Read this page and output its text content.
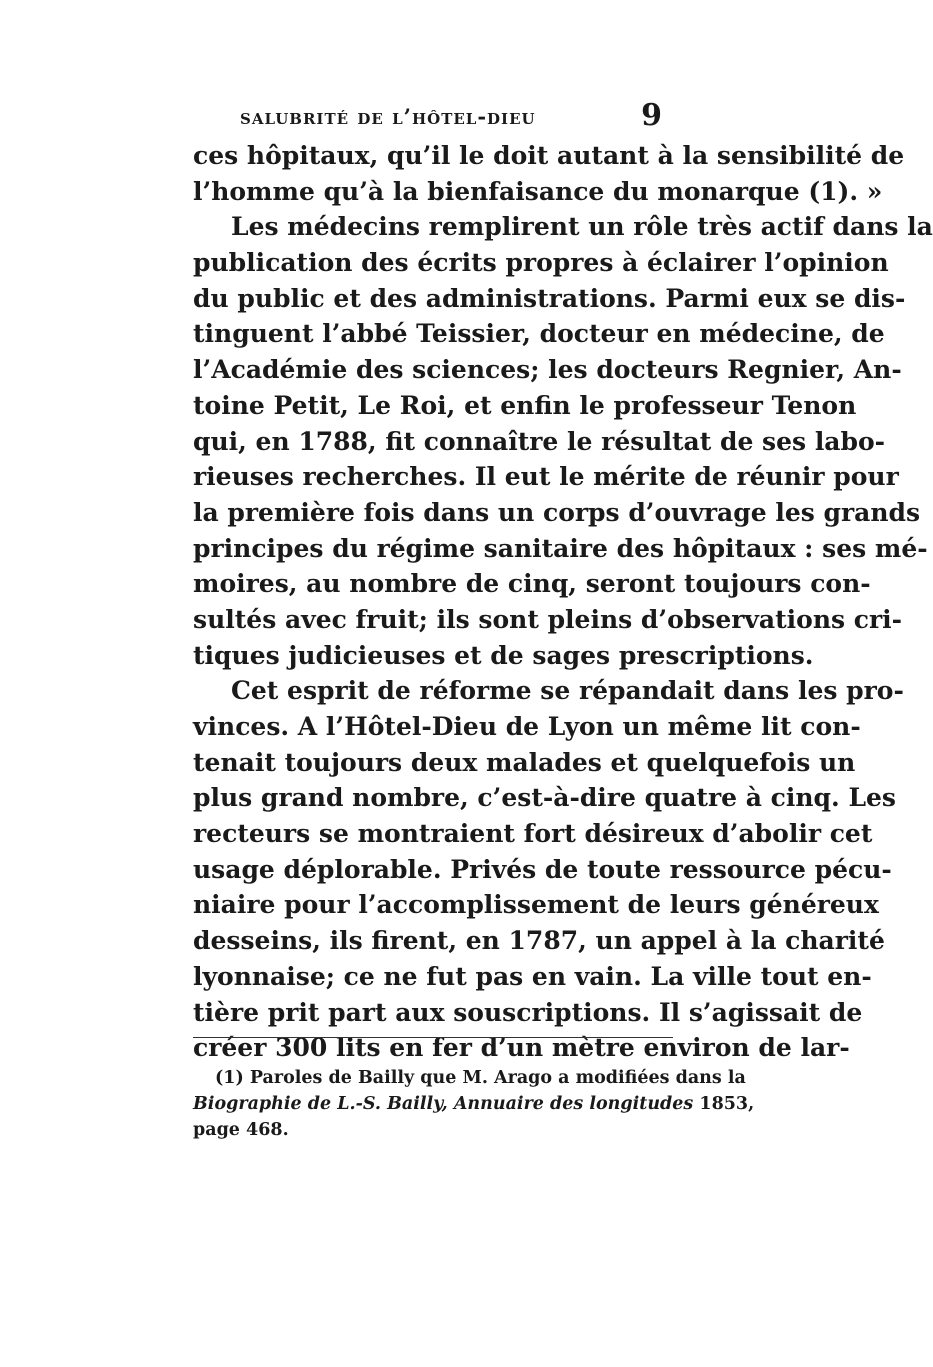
salubrité de l’hôtel-dieu	9
ces hôpitaux, qu’il le doit autant à la sensibilité de
l’homme qu’à la bienfaisance du monarque (1). »
Les médecins remplirent un rôle très actif dans la
publication des écrits propres à éclairer l’opinion
du public et des administrations. Parmi eux se dis-
tinguent l’abbé Teissier, docteur en médecine, de
l’Académie des sciences; les docteurs Regnier, An-
toine Petit, Le Roi, et enfin le professeur Tenon
qui, en 1788, fit connaître le résultat de ses labo-
rieuses recherches. Il eut le mérite de réunir pour
la première fois dans un corps d’ouvrage les grands
principes du régime sanitaire des hôpitaux : ses mé-
moires, au nombre de cinq, seront toujours con-
sultés avec fruit; ils sont pleins d’observations cri-
tiques judicieuses et de sages prescriptions.
Cet esprit de réforme se répandait dans les pro-
vinces. A l’Hôtel-Dieu de Lyon un même lit con-
tenait toujours deux malades et quelquefois un
plus grand nombre, c’est-à-dire quatre à cinq. Les
recteurs se montraient fort désireux d’abolir cet
usage déplorable. Privés de toute ressource pécu-
niaire pour l’accomplissement de leurs généreux
desseins, ils firent, en 1787, un appel à la charité
lyonnaise; ce ne fut pas en vain. La ville tout en-
tière prit part aux souscriptions. Il s’agissait de
créer 300 lits en fer d’un mètre environ de lar-
(1) Paroles de Bailly que M. Arago a modifiées dans la
Biographie de L.-S. Bailly, Annuaire des longitudes 1853,
page 468.
